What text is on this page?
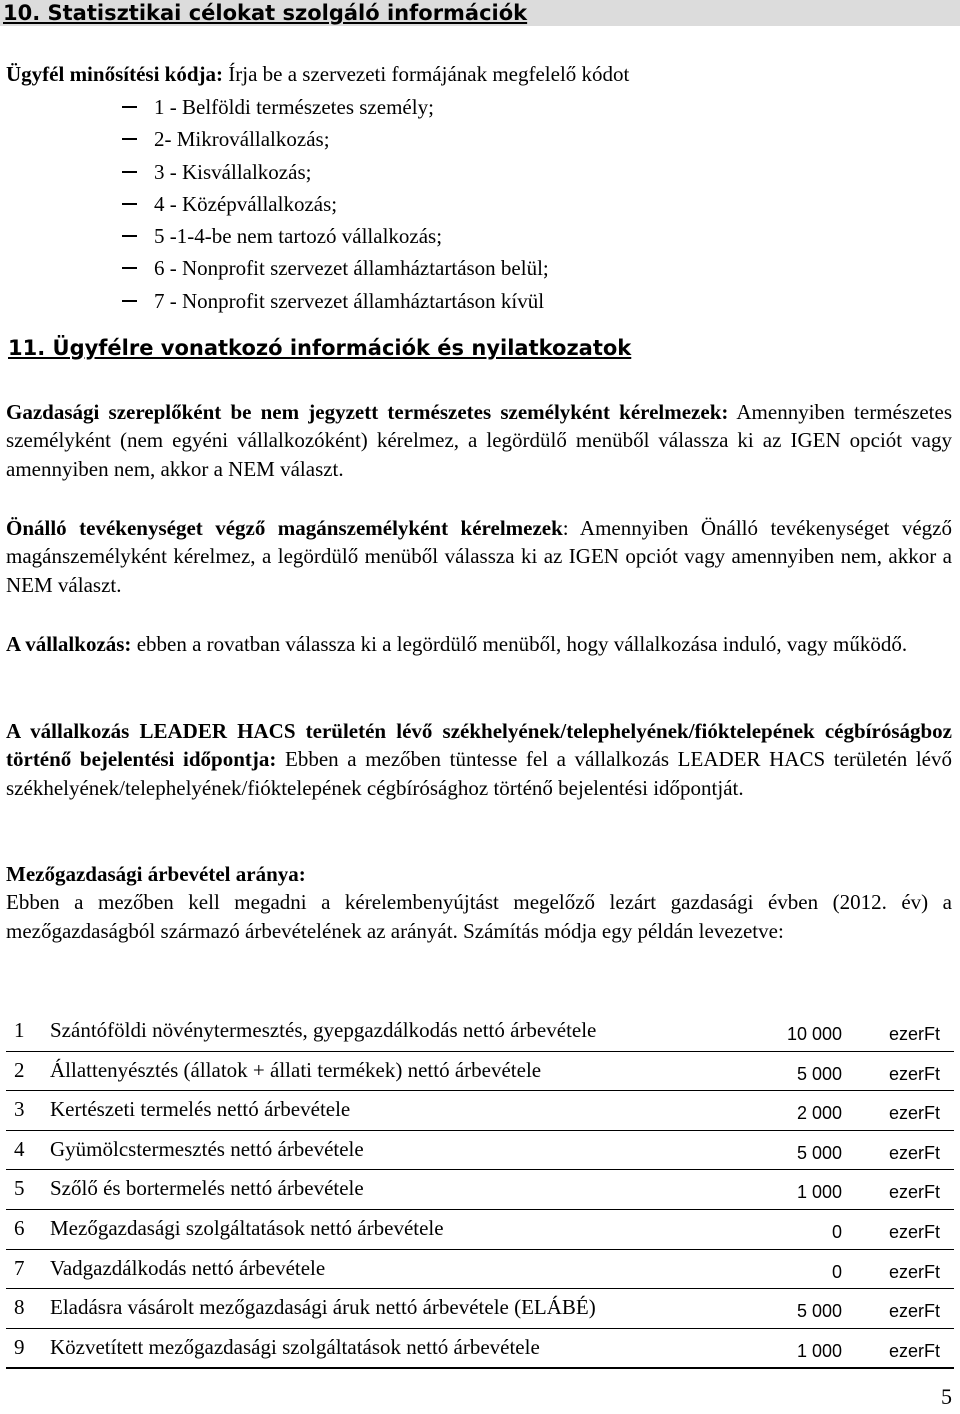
10. Statisztikai célokat szolgáló információk
Ügyfél minősítési kódja: Írja be a szervezeti formájának megfelelő kódot
1 - Belföldi természetes személy;
2- Mikrovállalkozás;
3 - Kisvállalkozás;
4 - Középvállalkozás;
5 -1-4-be nem tartozó vállalkozás;
6 - Nonprofit szervezet államháztartáson belül;
7 - Nonprofit szervezet államháztartáson kívül
11. Ügyfélre vonatkozó információk és nyilatkozatok

Gazdasági szereplőként be nem jegyzett természetes személyként kérelmezek: Amennyiben természetes személyként (nem egyéni vállalkozóként) kérelmez, a legördülő menüből válassza ki az IGEN opciót vagy amennyiben nem, akkor a NEM választ.

Önálló tevékenységet végző magánszemélyként kérelmezek: Amennyiben Önálló tevékenységet végző magánszemélyként kérelmez, a legördülő menüből válassza ki az IGEN opciót vagy amennyiben nem, akkor a NEM választ.

A vállalkozás: ebben a rovatban válassza ki a legördülő menüből, hogy vállalkozása induló, vagy működő.

A vállalkozás LEADER HACS területén lévő székhelyének/telephelyének/fióktelepének cégbíróságboz történő bejelentési időpontja: Ebben a mezőben tüntesse fel a vállalkozás LEADER HACS területén lévő székhelyének/telephelyének/fióktelepének cégbírósághoz történő bejelentési időpontját.

Mezőgazdasági árbevétel aránya:
Ebben a mezőben kell megadni a kérelembenyújtást megelőző lezárt gazdasági évben (2012. év) a mezőgazdaságból származó árbevételének az arányát. Számítás módja egy példán levezetve:

1 Szántóföldi növénytermesztés, gyepgazdálkodás nettó árbevétele	10 000	ezerFt
2 Állattenyésztés (állatok + állati termékek) nettó árbevétele	5 000	ezerFt
3 Kertészeti termelés nettó árbevétele	2 000	ezerFt
4 Gyümölcstermesztés nettó árbevétele	5 000	ezerFt
5 Szőlő és bortermelés nettó árbevétele	1 000	ezerFt
6 Mezőgazdasági szolgáltatások nettó árbevétele	0	ezerFt
7 Vadgazdálkodás nettó árbevétele	0	ezerFt
8 Eladásra vásárolt mezőgazdasági áruk nettó árbevétele (ELÁBÉ)	5 000	ezerFt
9 Közvetített mezőgazdasági szolgáltatások nettó árbevétele	1 000	ezerFt
5
